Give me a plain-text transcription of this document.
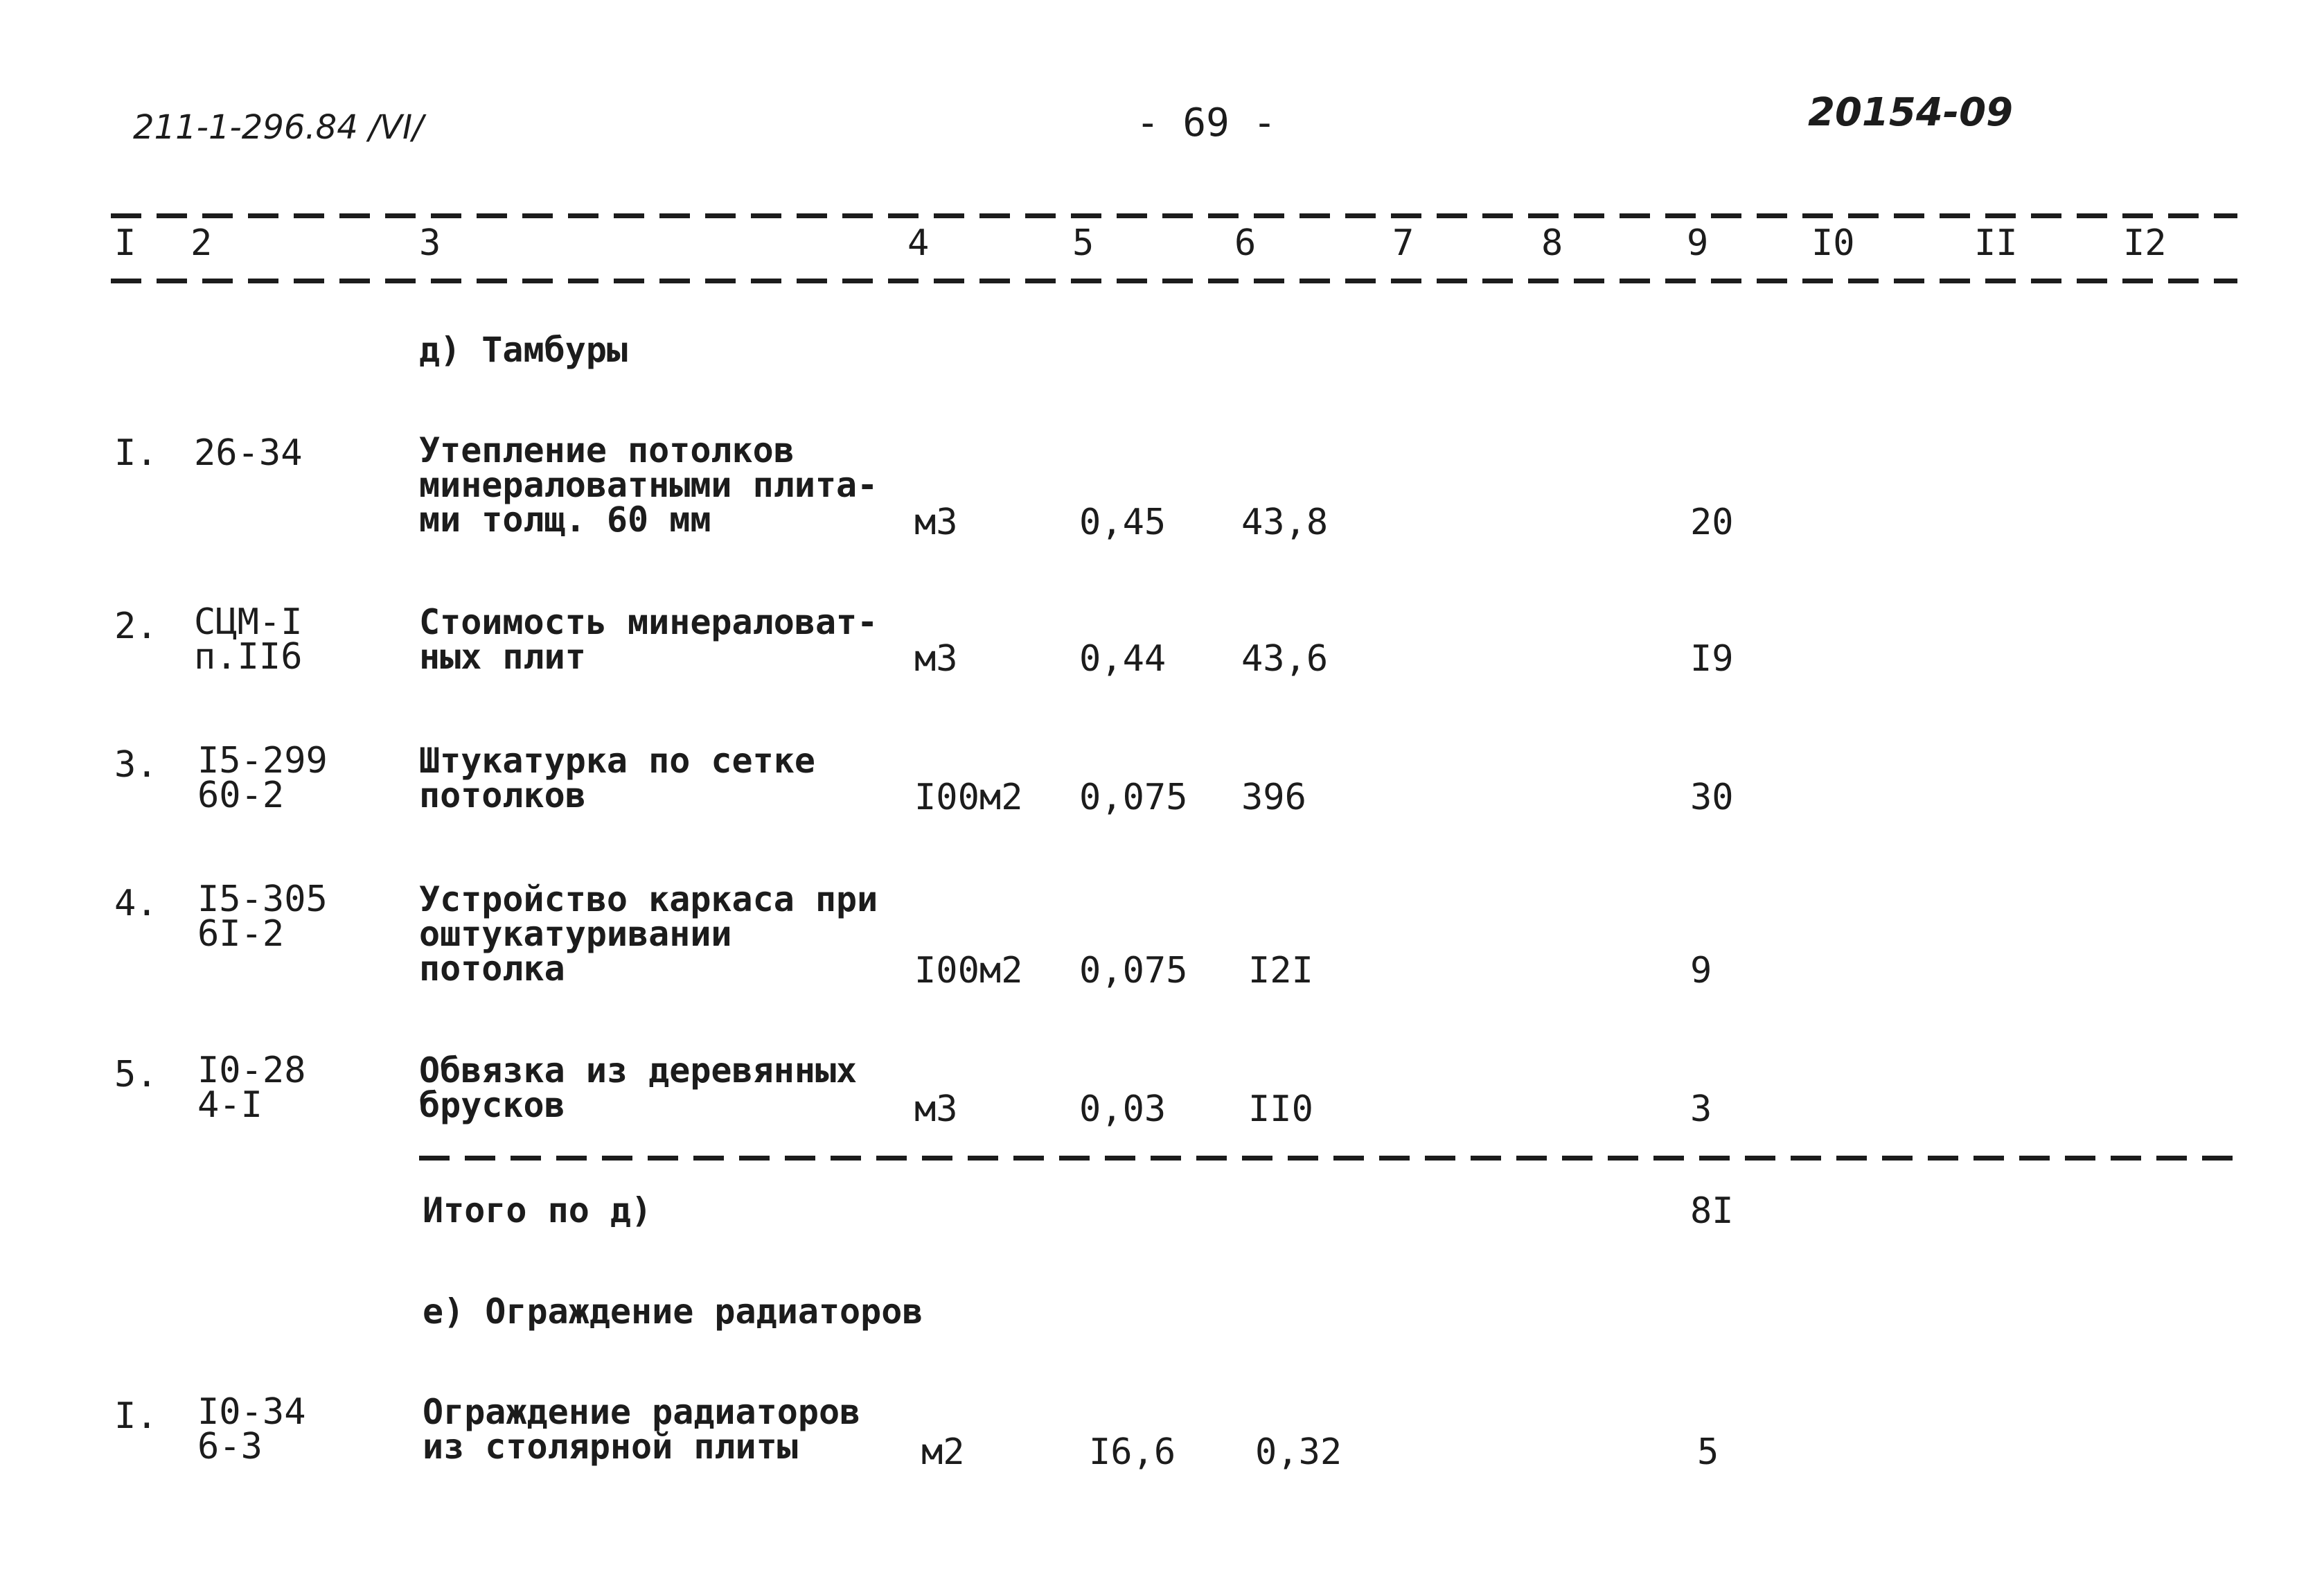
211-1-296.84 /VI/	- 69 -	20154-09
I 2	3	4	5	6	7	8	9	I0	II	I2
д) Тамбуры
I. 26-34	Утепление потолков
минераловатными плита-
ми толщ. 60 мм	м3	0,45 43,8	20
2. СЦМ-I
п.II6
Стоимость минераловат-
ных плит	м3	0,44 43,6	I9
3. I5-299
60-2
Штукатурка по сетке
потолков	I00м2 0,075 396	30
4. I5-305
6I-2
Устройство каркаса при
оштукатуривании
потолка	I00м2 0,075 I2I	9
5. I0-28
4-I
Обвязка из деревянных
брусков	м3	0,03 II0	3
Итого по д)	8I
е) Ограждение радиаторов
I. I0-34
6-3
Ограждение радиаторов
из столярной плиты	м2	I6,6 0,32	5
